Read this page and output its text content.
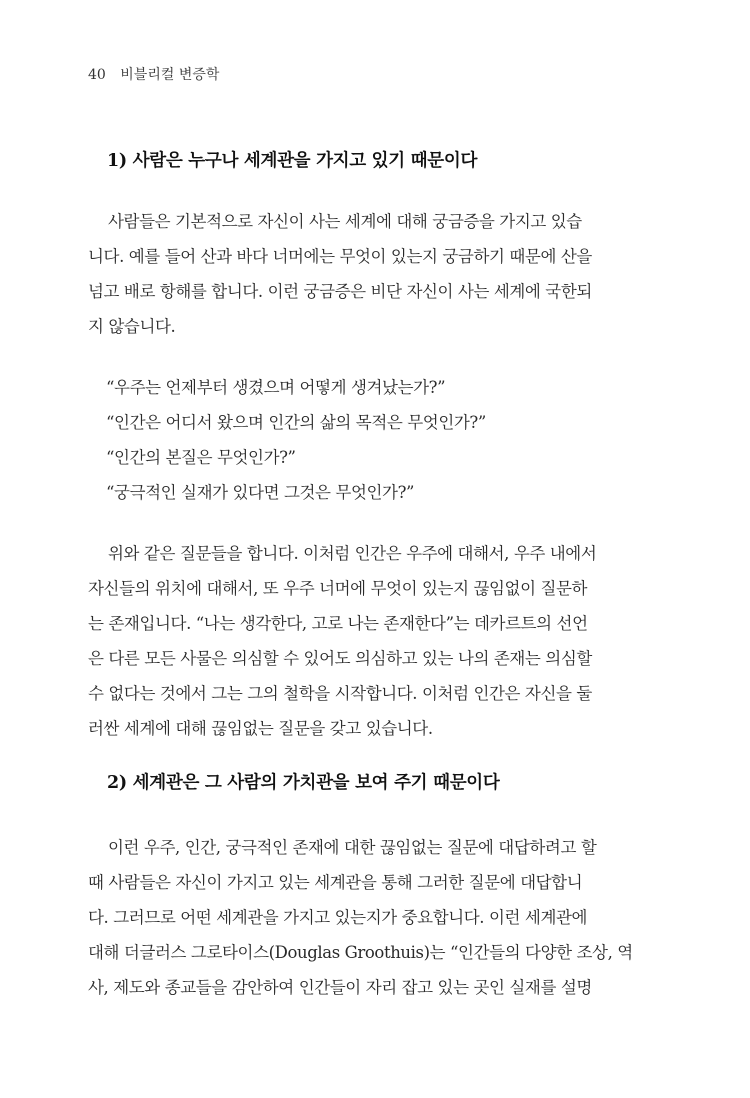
40 비블리컬 변증학
1) 사람은 누구나 세계관을 가지고 있기 때문이다
사람들은 기본적으로 자신이 사는 세계에 대해 궁금증을 가지고 있습
니다. 예를 들어 산과 바다 너머에는 무엇이 있는지 궁금하기 때문에 산을
넘고 배로 항해를 합니다. 이런 궁금증은 비단 자신이 사는 세계에 국한되
지 않습니다.
“우주는 언제부터 생겼으며 어떻게 생겨났는가?”
“인간은 어디서 왔으며 인간의 삶의 목적은 무엇인가?”
“인간의 본질은 무엇인가?”
“궁극적인 실재가 있다면 그것은 무엇인가?”
위와 같은 질문들을 합니다. 이처럼 인간은 우주에 대해서, 우주 내에서
자신들의 위치에 대해서, 또 우주 너머에 무엇이 있는지 끊임없이 질문하
는 존재입니다. “나는 생각한다, 고로 나는 존재한다”는 데카르트의 선언
은 다른 모든 사물은 의심할 수 있어도 의심하고 있는 나의 존재는 의심할
수 없다는 것에서 그는 그의 철학을 시작합니다. 이처럼 인간은 자신을 둘
러싼 세계에 대해 끊임없는 질문을 갖고 있습니다.
2) 세계관은 그 사람의 가치관을 보여 주기 때문이다
이런 우주, 인간, 궁극적인 존재에 대한 끊임없는 질문에 대답하려고 할
때 사람들은 자신이 가지고 있는 세계관을 통해 그러한 질문에 대답합니
다. 그러므로 어떤 세계관을 가지고 있는지가 중요합니다. 이런 세계관에
대해 더글러스 그로타이스(Douglas Groothuis)는 “인간들의 다양한 조상, 역
사, 제도와 종교들을 감안하여 인간들이 자리 잡고 있는 곳인 실재를 설명
